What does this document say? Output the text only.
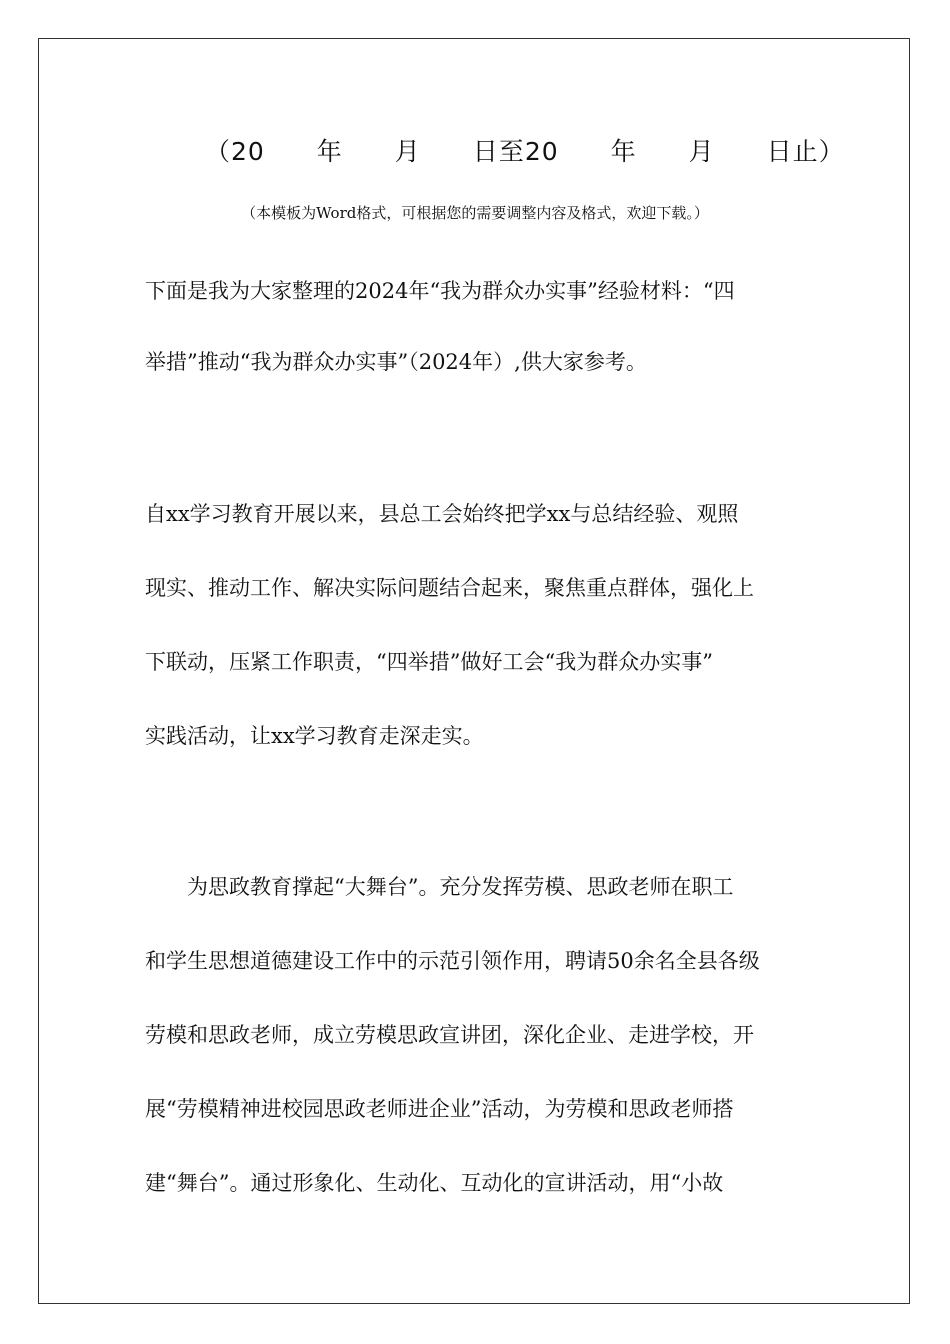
（20　　年　　月　　日至20　　年　　月　　日止）
（本模板为Word格式，可根据您的需要调整内容及格式，欢迎下载。）
下面是我为大家整理的2024年“我为群众办实事”经验材料：“四
举措”推动“我为群众办实事”（2024年）,供大家参考。
自xx学习教育开展以来，县总工会始终把学xx与总结经验、观照
现实、推动工作、解决实际问题结合起来，聚焦重点群体，强化上
下联动，压紧工作职责，“四举措”做好工会“我为群众办实事”
实践活动，让xx学习教育走深走实。
　　为思政教育撑起“大舞台”。充分发挥劳模、思政老师在职工
和学生思想道德建设工作中的示范引领作用，聘请50余名全县各级
劳模和思政老师，成立劳模思政宣讲团，深化企业、走进学校，开
展“劳模精神进校园思政老师进企业”活动，为劳模和思政老师搭
建“舞台”。通过形象化、生动化、互动化的宣讲活动，用“小故
